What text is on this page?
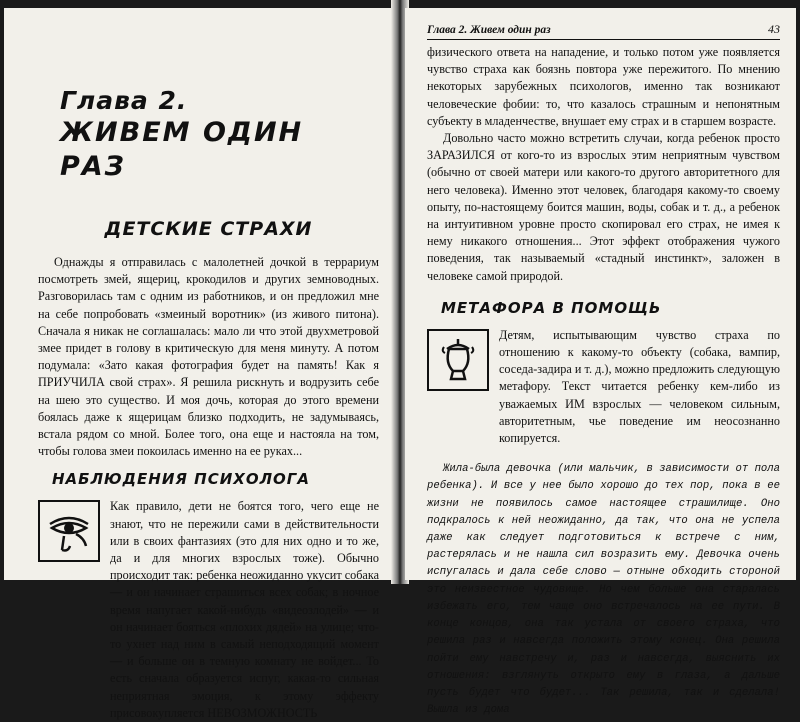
Глава 2.
ЖИВЕМ ОДИН РАЗ
ДЕТСКИЕ СТРАХИ

Однажды я отправилась с малолетней дочкой в террариум посмотреть змей, ящериц, крокодилов и других земноводных. Разговорилась там с одним из работников, и он предложил мне на себе попробовать «змеиный воротник» (из живого питона). Сначала я никак не соглашалась: мало ли что этой двухметровой змее придет в голову в критическую для меня минуту. А потом подумала: «Зато какая фотография будет на память! Как я ПРИУЧИЛА свой страх». Я решила рискнуть и водрузить себе на шею это существо. И моя дочь, которая до этого времени боялась даже к ящерицам близко подходить, не задумываясь, встала рядом со мной. Более того, она еще и настояла на том, чтобы голова змеи покоилась именно на ее руках...

НАБЛЮДЕНИЯ ПСИХОЛОГА

Как правило, дети не боятся того, чего еще не знают, что не пережили сами в действительности или в своих фантазиях (это для них одно и то же, да и для многих взрослых тоже). Обычно происходит так: ребенка неожиданно укусит собака — и он начинает страшиться всех собак; в ночное время напугает какой-нибудь «видеозлодей» — и он начинает бояться «плохих дядей» на улице; что-то ухнет над ним в самый неподходящий момент — и больше он в темную комнату не войдет... То есть сначала образуется испуг, какая-то сильная неприятная эмоция, к этому эффекту присовокупляется НЕВОЗМОЖНОСТЬ

Глава 2. Живем один раз	43

физического ответа на нападение, и только потом уже появляется чувство страха как боязнь повтора уже пережитого. По мнению некоторых зарубежных психологов, именно так возникают человеческие фобии: то, что казалось страшным и непонятным субъекту в младенчестве, внушает ему страх и в старшем возрасте.

Довольно часто можно встретить случаи, когда ребенок просто ЗАРАЗИЛСЯ от кого-то из взрослых этим неприятным чувством (обычно от своей матери или какого-то другого авторитетного для него человека). Именно этот человек, благодаря какому-то своему опыту, по-настоящему боится машин, воды, собак и т. д., а ребенок на интуитивном уровне просто скопировал его страх, не имея к нему никакого отношения... Этот эффект отображения чужого поведения, так называемый «стадный инстинкт», заложен в человеке самой природой.

МЕТАФОРА В ПОМОЩЬ

Детям, испытывающим чувство страха по отношению к какому-то объекту (собака, вампир, соседа-задира и т. д.), можно предложить следующую метафору. Текст читается ребенку кем-либо из уважаемых ИМ взрослых — человеком сильным, авторитетным, чье поведение им неосознанно копируется.

Жила-была девочка (или мальчик, в зависимости от пола ребенка). И все у нее было хорошо до тех пор, пока в ее жизни не появилось самое настоящее страшилище. Оно подкралось к ней неожиданно, да так, что она не успела даже как следует подготовиться к встрече с ним, растерялась и не нашла сил возразить ему. Девочка очень испугалась и дала себе слово — отныне обходить стороной это неизвестное чудовище. Но чем больше она старалась избежать его, тем чаще оно встречалось на ее пути. В конце концов, она так устала от своего страха, что решила раз и навсегда положить этому конец. Она решила пойти ему навстречу и, раз и навсегда, выяснить их отношения: взглянуть открыто ему в глаза, а дальше пусть будет что будет... Так решила, так и сделала! Вышла из дома
